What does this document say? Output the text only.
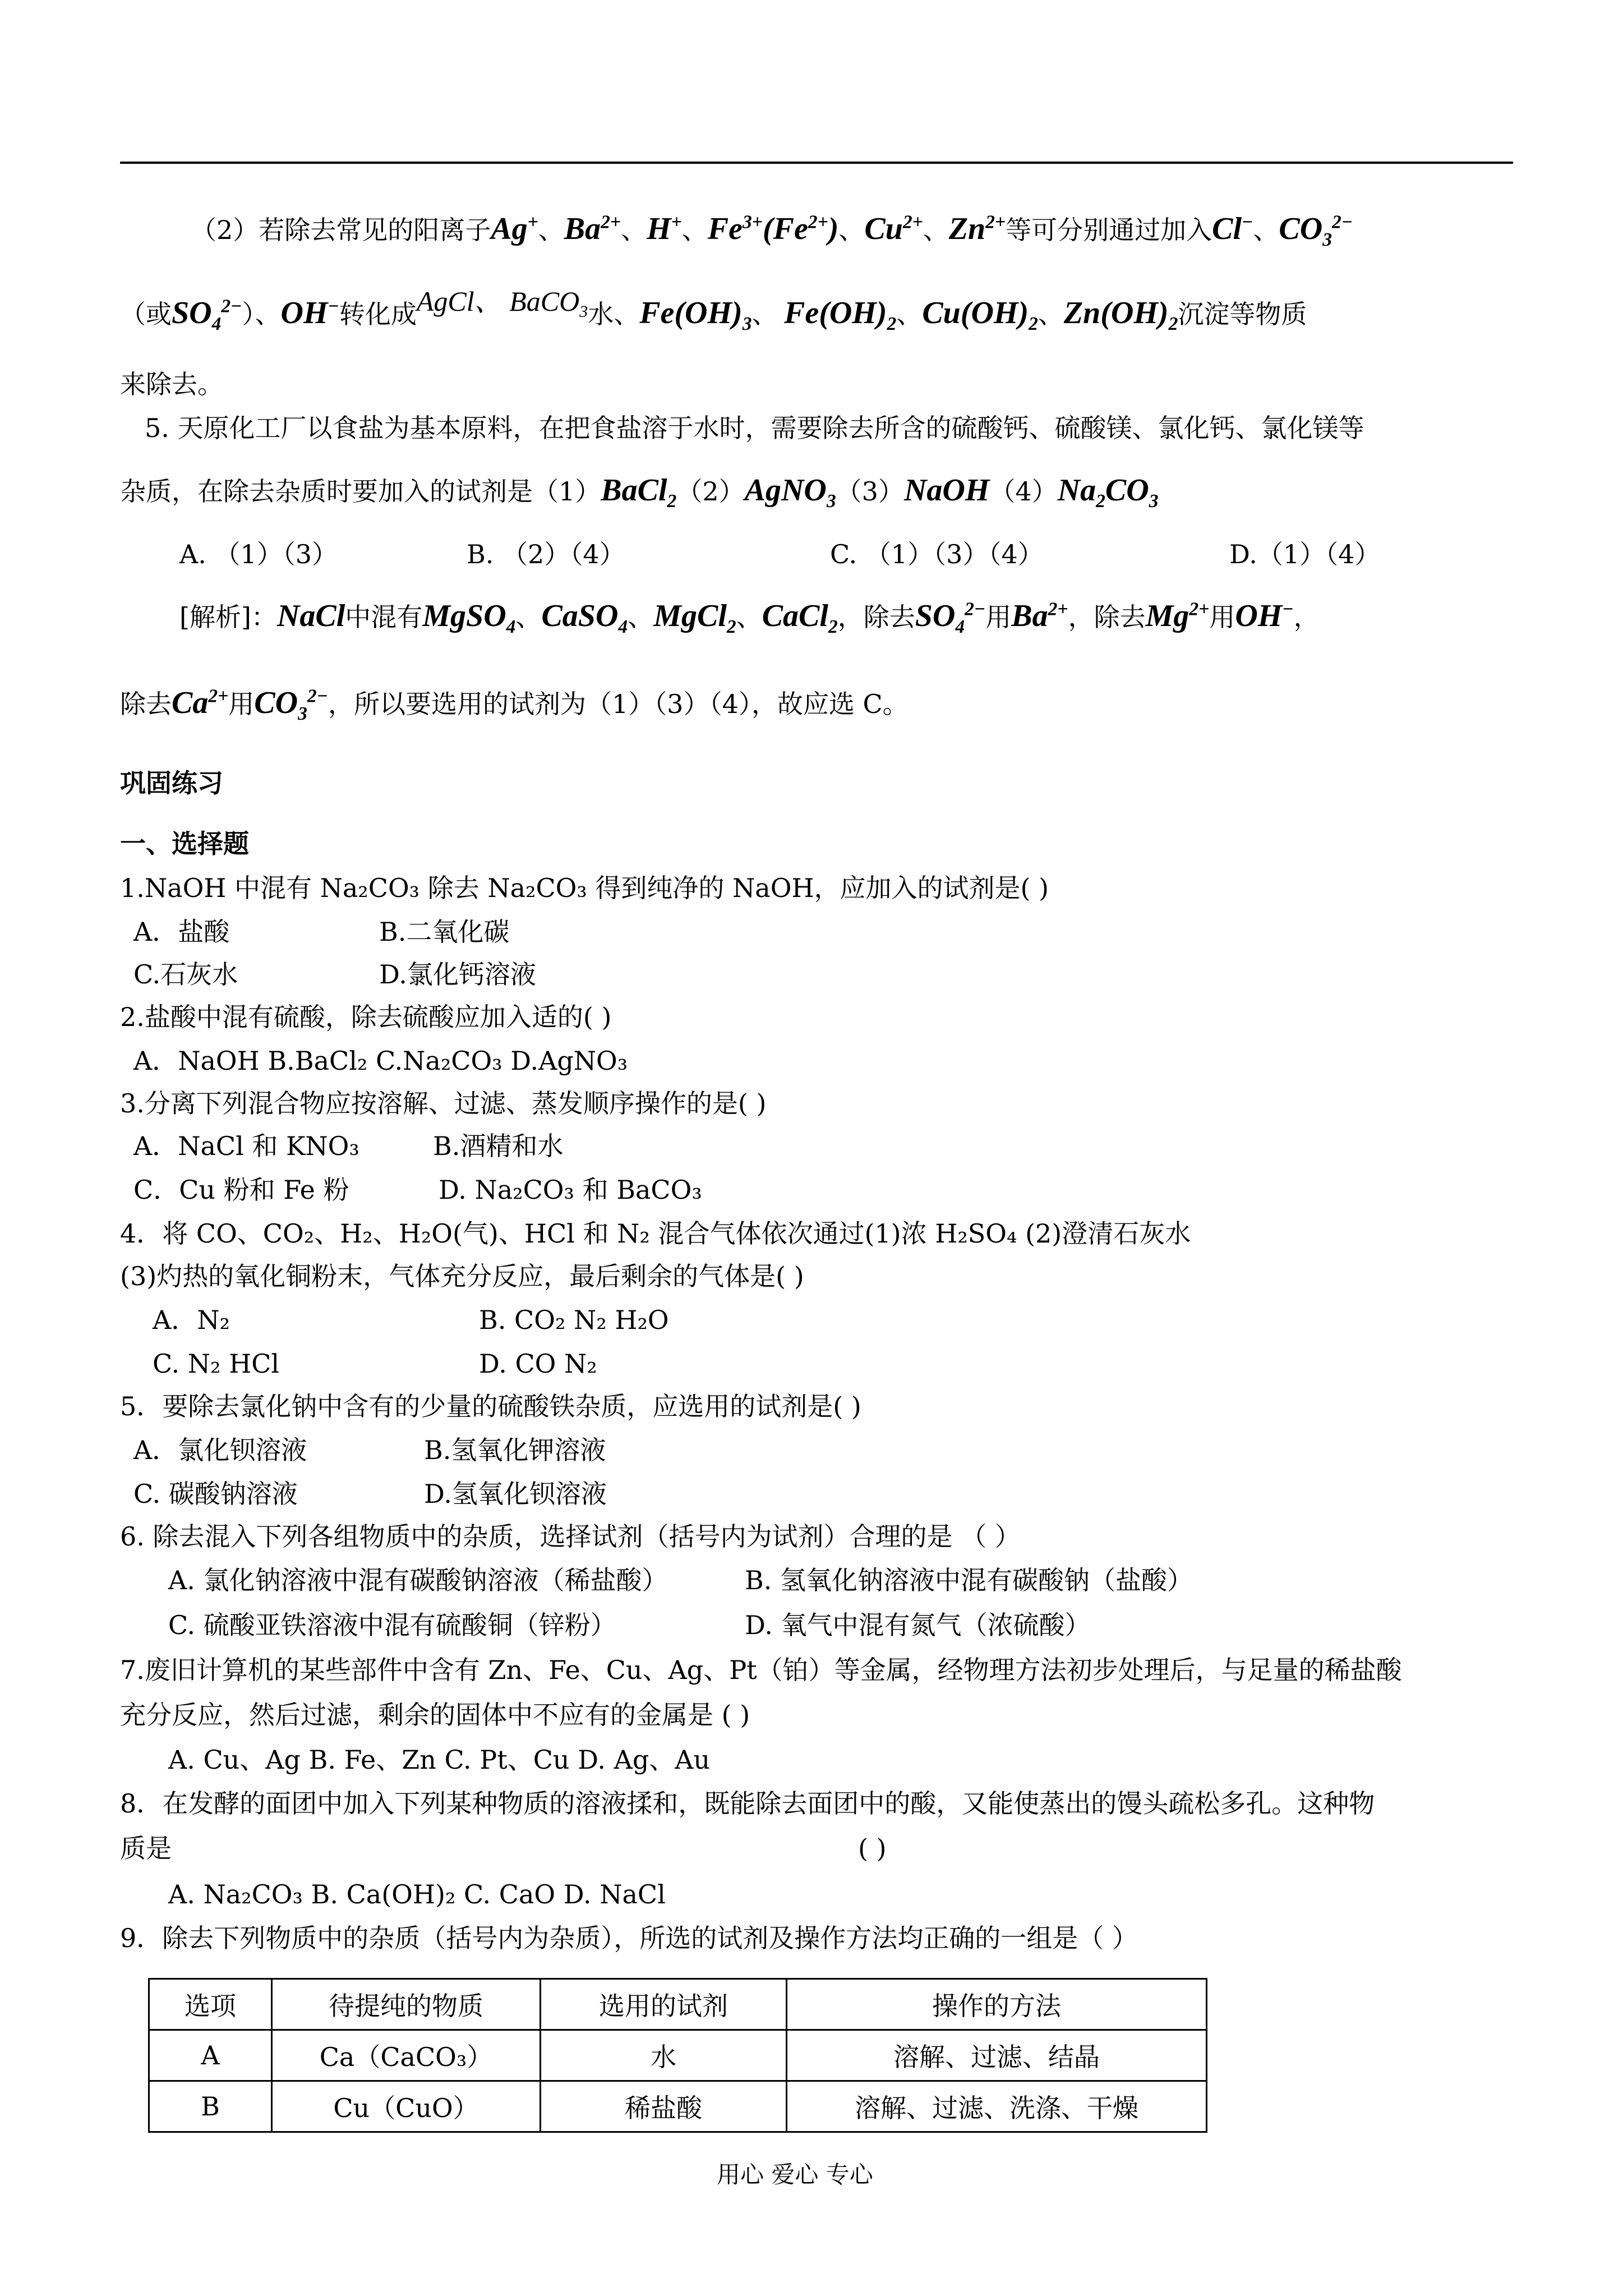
（2）若除去常见的阳离子Ag+、$Ba^{2+}$、H+、$Fe^{3+}(Fe^{2+})$、$Cu^{2+}$、$Zn^{2+}$等可分别通过加入Cl−、$CO_3^{2-}$
（或$SO_4^{2-}$）、OH−转化成AgCl、 BaCO$_3$水、$Fe(OH)_3$、 $Fe(OH)_2$、$Cu(OH)_2$、$Zn(OH)_2$沉淀等物质
来除去。
5. 天原化工厂以食盐为基本原料，在把食盐溶于水时，需要除去所含的硫酸钙、硫酸镁、氯化钙、氯化镁等
杂质，在除去杂质时要加入的试剂是$(1)BaCl_2(2)AgNO_3(3)NaOH(4)Na_2CO_3$
A. （1）（3）	B. （2）（4）	C. （1）（3）（4）	D.（1）（4）
[解析]：NaCl中混有MgSO$_4$、CaSO$_4$、MgCl$_2$、CaCl$_2$，除去$SO_4^{2-}$用$Ba^{2+}$，除去$Mg^{2+}$用OH−，
除去$Ca^{2+}$用$CO_3^{2-}$，所以要选用的试剂为（1）（3）（4），故应选 C。
巩固练习
一、选择题
1.NaOH 中混有 Na₂CO₃ 除去 Na₂CO₃ 得到纯净的 NaOH，应加入的试剂是( )
A．盐酸	B.二氧化碳
C.石灰水	D.氯化钙溶液
2.盐酸中混有硫酸，除去硫酸应加入适的( )
A．NaOH B.BaCl₂ C.Na₂CO₃ D.AgNO₃
3.分离下列混合物应按溶解、过滤、蒸发顺序操作的是( )
A．NaCl 和 KNO₃	B.酒精和水
C．Cu 粉和 Fe 粉	D. Na₂CO₃ 和 BaCO₃
4．将 CO、CO₂、H₂、H₂O(气)、HCl 和 N₂ 混合气体依次通过(1)浓 H₂SO₄ (2)澄清石灰水
(3)灼热的氧化铜粉末，气体充分反应，最后剩余的气体是( )
A．N₂	B. CO₂ N₂ H₂O
C. N₂ HCl	D. CO N₂
5．要除去氯化钠中含有的少量的硫酸铁杂质，应选用的试剂是( )
A．氯化钡溶液	B.氢氧化钾溶液
C. 碳酸钠溶液	D.氢氧化钡溶液
6. 除去混入下列各组物质中的杂质，选择试剂（括号内为试剂）合理的是 （ ）
A. 氯化钠溶液中混有碳酸钠溶液（稀盐酸）	B. 氢氧化钠溶液中混有碳酸钠（盐酸）
C. 硫酸亚铁溶液中混有硫酸铜（锌粉）	D. 氧气中混有氮气（浓硫酸）
7.废旧计算机的某些部件中含有 Zn、Fe、Cu、Ag、Pt（铂）等金属，经物理方法初步处理后，与足量的稀盐酸
充分反应，然后过滤，剩余的固体中不应有的金属是 ( )
A. Cu、Ag B. Fe、Zn C. Pt、Cu D. Ag、Au
8．在发酵的面团中加入下列某种物质的溶液揉和，既能除去面团中的酸，又能使蒸出的馒头疏松多孔。这种物
质是	( )
A. Na₂CO₃ B. Ca(OH)₂ C. CaO D. NaCl
9．除去下列物质中的杂质（括号内为杂质），所选的试剂及操作方法均正确的一组是（ ）
选项	待提纯的物质	选用的试剂	操作的方法
A	Ca（CaCO₃）	水	溶解、过滤、结晶
B	Cu（CuO）	稀盐酸	溶解、过滤、洗涤、干燥
用心 爱心 专心
